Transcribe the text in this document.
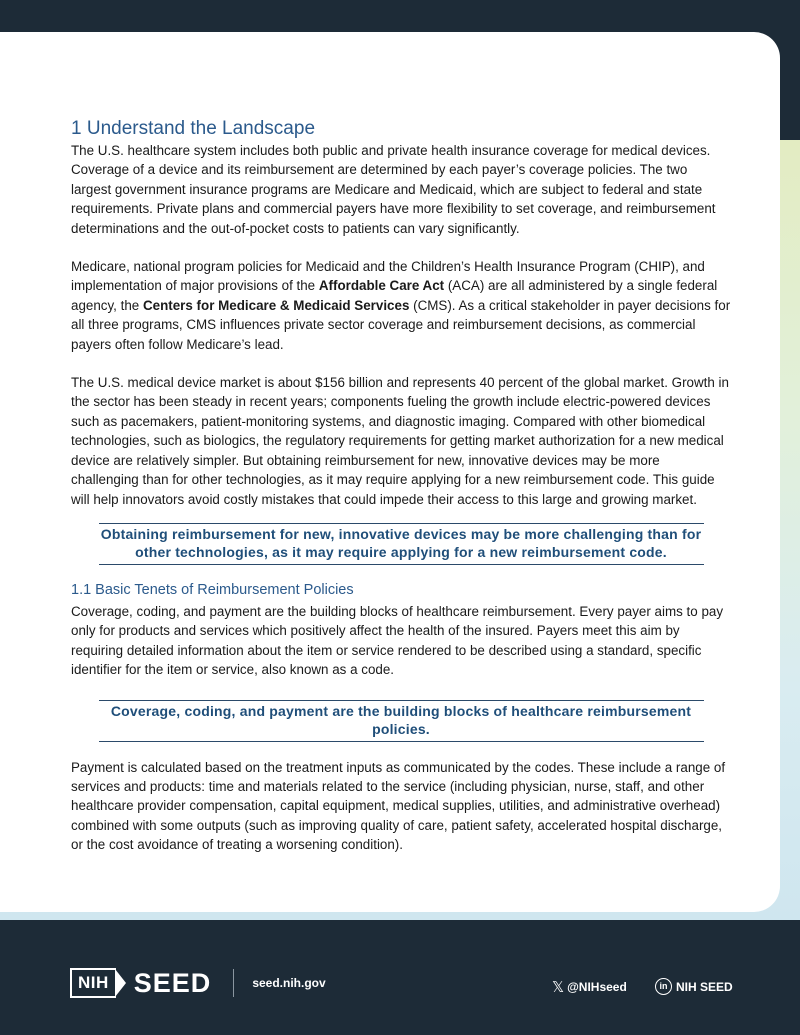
1 Understand the Landscape

The U.S. healthcare system includes both public and private health insurance coverage for medical devices. Coverage of a device and its reimbursement are determined by each payer’s coverage policies. The two largest government insurance programs are Medicare and Medicaid, which are subject to federal and state requirements. Private plans and commercial payers have more flexibility to set coverage, and reimbursement determinations and the out-of-pocket costs to patients can vary significantly.

Medicare, national program policies for Medicaid and the Children’s Health Insurance Program (CHIP), and implementation of major provisions of the Affordable Care Act (ACA) are all administered by a single federal agency, the Centers for Medicare & Medicaid Services (CMS). As a critical stakeholder in payer decisions for all three programs, CMS influences private sector coverage and reimbursement decisions, as commercial payers often follow Medicare’s lead.

The U.S. medical device market is about $156 billion and represents 40 percent of the global market. Growth in the sector has been steady in recent years; components fueling the growth include electric-powered devices such as pacemakers, patient-monitoring systems, and diagnostic imaging. Compared with other biomedical technologies, such as biologics, the regulatory requirements for getting market authorization for a new medical device are relatively simpler. But obtaining reimbursement for new, innovative devices may be more challenging than for other technologies, as it may require applying for a new reimbursement code. This guide will help innovators avoid costly mistakes that could impede their access to this large and growing market.

Obtaining reimbursement for new, innovative devices may be more challenging than for other technologies, as it may require applying for a new reimbursement code.
1.1 Basic Tenets of Reimbursement Policies

Coverage, coding, and payment are the building blocks of healthcare reimbursement. Every payer aims to pay only for products and services which positively affect the health of the insured. Payers meet this aim by requiring detailed information about the item or service rendered to be described using a standard, specific identifier for the item or service, also known as a code.

Coverage, coding, and payment are the building blocks of healthcare reimbursement policies.

Payment is calculated based on the treatment inputs as communicated by the codes. These include a range of services and products: time and materials related to the service (including physician, nurse, staff, and other healthcare provider compensation, capital equipment, medical supplies, utilities, and administrative overhead) combined with some outputs (such as improving quality of care, patient safety, accelerated hospital discharge, or the cost avoidance of treating a worsening condition).

NIH SEED	seed.nih.gov	𝕏 @NIHseed	in NIH SEED
